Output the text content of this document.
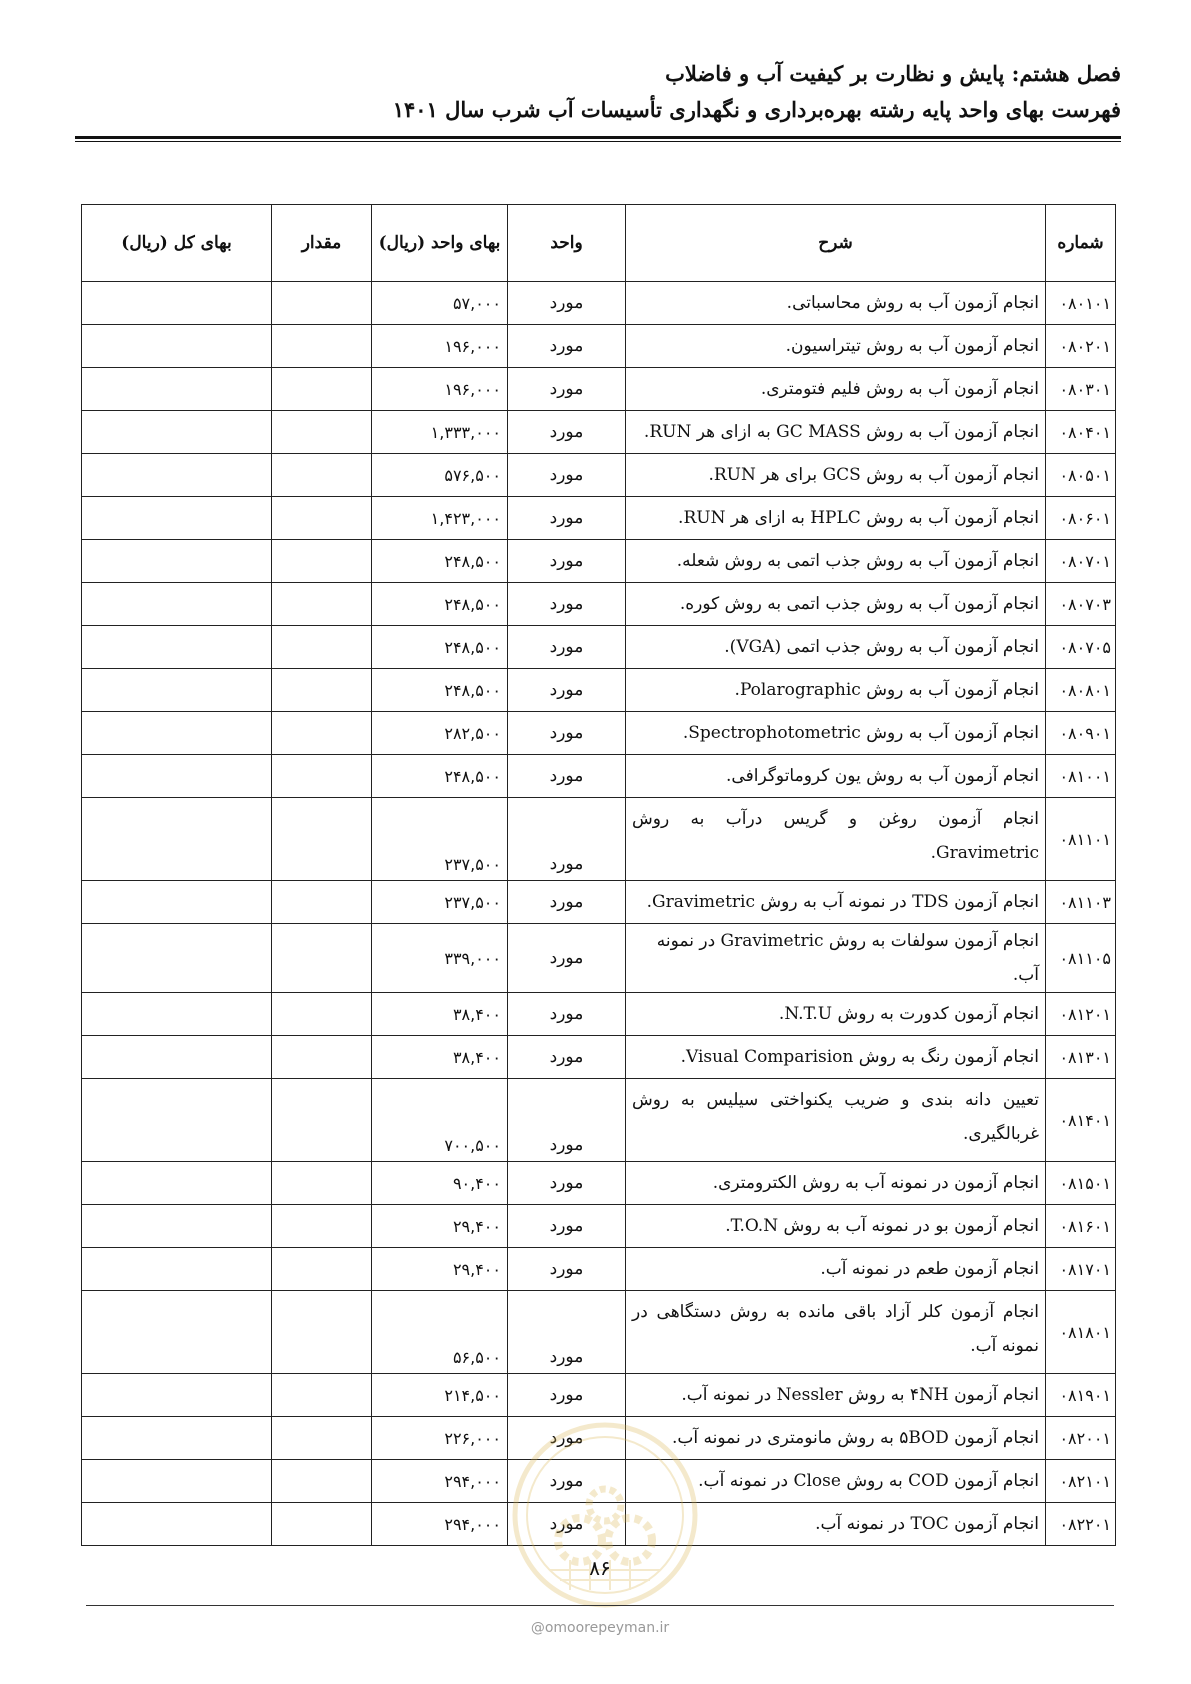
فصل هشتم: پایش و نظارت بر کیفیت آب و فاضلاب
فهرست بهای واحد پایه رشته بهره‌برداری و نگهداری تأسیسات آب شرب سال ۱۴۰۱
شماره	شرح	واحد	بهای واحد (ریال)	مقدار	بهای کل (ریال)
۰۸۰۱۰۱	انجام آزمون آب به روش محاسباتی.	مورد	۵۷,۰۰۰		
۰۸۰۲۰۱	انجام آزمون آب به روش تیتراسیون.	مورد	۱۹۶,۰۰۰		
۰۸۰۳۰۱	انجام آزمون آب به روش فلیم فتومتری.	مورد	۱۹۶,۰۰۰		
۰۸۰۴۰۱	انجام آزمون آب به روش GC MASS به ازای هر RUN.	مورد	۱,۳۳۳,۰۰۰		
۰۸۰۵۰۱	انجام آزمون آب به روش GCS برای هر RUN.	مورد	۵۷۶,۵۰۰		
۰۸۰۶۰۱	انجام آزمون آب به روش HPLC به ازای هر RUN.	مورد	۱,۴۲۳,۰۰۰		
۰۸۰۷۰۱	انجام آزمون آب به روش جذب اتمی به روش شعله.	مورد	۲۴۸,۵۰۰		
۰۸۰۷۰۳	انجام آزمون آب به روش جذب اتمی به روش کوره.	مورد	۲۴۸,۵۰۰		
۰۸۰۷۰۵	انجام آزمون آب به روش جذب اتمی (VGA).	مورد	۲۴۸,۵۰۰		
۰۸۰۸۰۱	انجام آزمون آب به روش Polarographic.	مورد	۲۴۸,۵۰۰		
۰۸۰۹۰۱	انجام آزمون آب به روش Spectrophotometric.	مورد	۲۸۲,۵۰۰		
۰۸۱۰۰۱	انجام آزمون آب به روش یون کروماتوگرافی.	مورد	۲۴۸,۵۰۰		
۰۸۱۱۰۱	انجام آزمون روغن و گریس درآب به روش Gravimetric.	مورد	۲۳۷,۵۰۰		
۰۸۱۱۰۳	انجام آزمون TDS در نمونه آب به روش Gravimetric.	مورد	۲۳۷,۵۰۰		
۰۸۱۱۰۵	انجام آزمون سولفات به روش Gravimetric در نمونه آب.	مورد	۳۳۹,۰۰۰		
۰۸۱۲۰۱	انجام آزمون کدورت به روش N.T.U.	مورد	۳۸,۴۰۰		
۰۸۱۳۰۱	انجام آزمون رنگ به روش Visual Comparision.	مورد	۳۸,۴۰۰		
۰۸۱۴۰۱	تعیین دانه بندی و ضریب یکنواختی سیلیس به روش غربالگیری.	مورد	۷۰۰,۵۰۰		
۰۸۱۵۰۱	انجام آزمون در نمونه آب به روش الکترومتری.	مورد	۹۰,۴۰۰		
۰۸۱۶۰۱	انجام آزمون بو در نمونه آب به روش T.O.N.	مورد	۲۹,۴۰۰		
۰۸۱۷۰۱	انجام آزمون طعم در نمونه آب.	مورد	۲۹,۴۰۰		
۰۸۱۸۰۱	انجام آزمون کلر آزاد باقی مانده به روش دستگاهی در نمونه آب.	مورد	۵۶,۵۰۰		
۰۸۱۹۰۱	انجام آزمون ۴NH به روش Nessler در نمونه آب.	مورد	۲۱۴,۵۰۰		
۰۸۲۰۰۱	انجام آزمون ۵BOD به روش مانومتری در نمونه آب.	مورد	۲۲۶,۰۰۰		
۰۸۲۱۰۱	انجام آزمون COD به روش Close در نمونه آب.	مورد	۲۹۴,۰۰۰		
۰۸۲۲۰۱	انجام آزمون TOC در نمونه آب.	مورد	۲۹۴,۰۰۰		
۸۶
@omoorepeyman.ir
